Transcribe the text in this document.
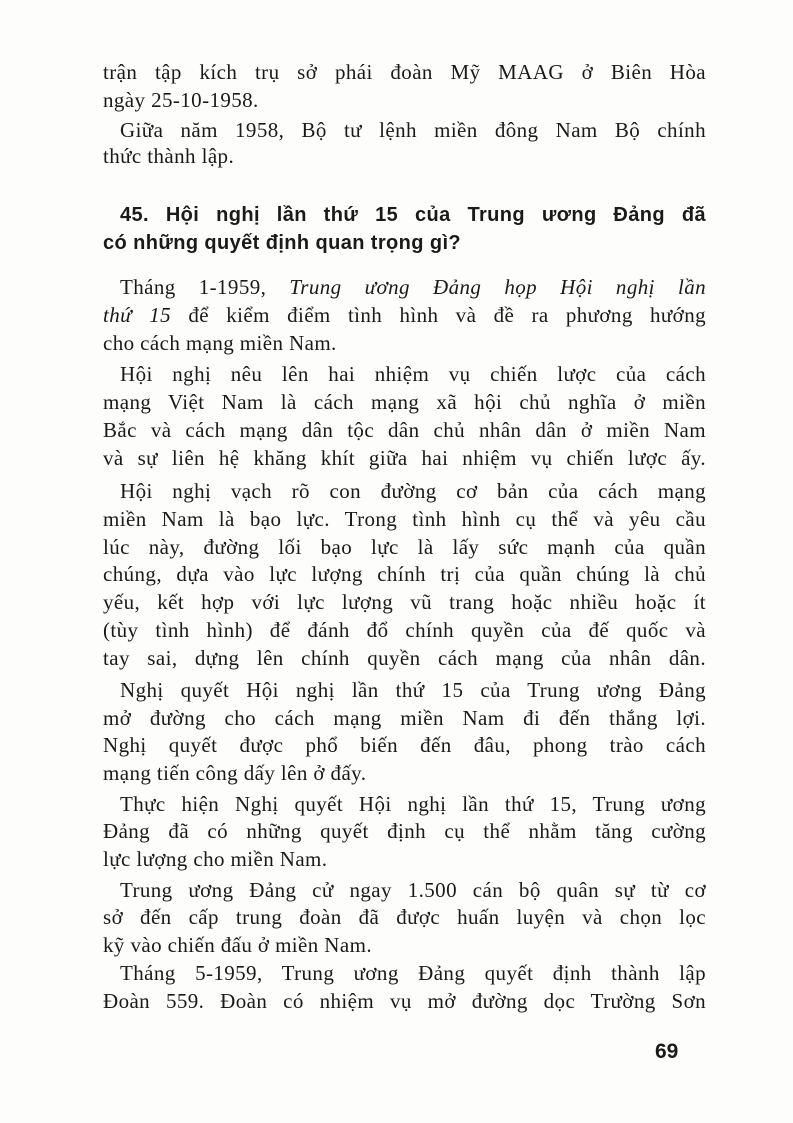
trận tập kích trụ sở phái đoàn Mỹ MAAG ở Biên Hòa
ngày 25-10-1958.
Giữa năm 1958, Bộ tư lệnh miền đông Nam Bộ chính
thức thành lập.
45. Hội nghị lần thứ 15 của Trung ương Đảng đã
có những quyết định quan trọng gì?
Tháng 1-1959, Trung ương Đảng họp Hội nghị lần
thứ 15 để kiểm điểm tình hình và đề ra phương hướng
cho cách mạng miền Nam.
Hội nghị nêu lên hai nhiệm vụ chiến lược của cách
mạng Việt Nam là cách mạng xã hội chủ nghĩa ở miền
Bắc và cách mạng dân tộc dân chủ nhân dân ở miền Nam
và sự liên hệ khăng khít giữa hai nhiệm vụ chiến lược ấy.
Hội nghị vạch rõ con đường cơ bản của cách mạng
miền Nam là bạo lực. Trong tình hình cụ thể và yêu cầu
lúc này, đường lối bạo lực là lấy sức mạnh của quần
chúng, dựa vào lực lượng chính trị của quần chúng là chủ
yếu, kết hợp với lực lượng vũ trang hoặc nhiều hoặc ít
(tùy tình hình) để đánh đổ chính quyền của đế quốc và
tay sai, dựng lên chính quyền cách mạng của nhân dân.
Nghị quyết Hội nghị lần thứ 15 của Trung ương Đảng
mở đường cho cách mạng miền Nam đi đến thắng lợi.
Nghị quyết được phổ biến đến đâu, phong trào cách
mạng tiến công dấy lên ở đấy.
Thực hiện Nghị quyết Hội nghị lần thứ 15, Trung ương
Đảng đã có những quyết định cụ thể nhằm tăng cường
lực lượng cho miền Nam.
Trung ương Đảng cử ngay 1.500 cán bộ quân sự từ cơ
sở đến cấp trung đoàn đã được huấn luyện và chọn lọc
kỹ vào chiến đấu ở miền Nam.
Tháng 5-1959, Trung ương Đảng quyết định thành lập
Đoàn 559. Đoàn có nhiệm vụ mở đường dọc Trường Sơn
69
